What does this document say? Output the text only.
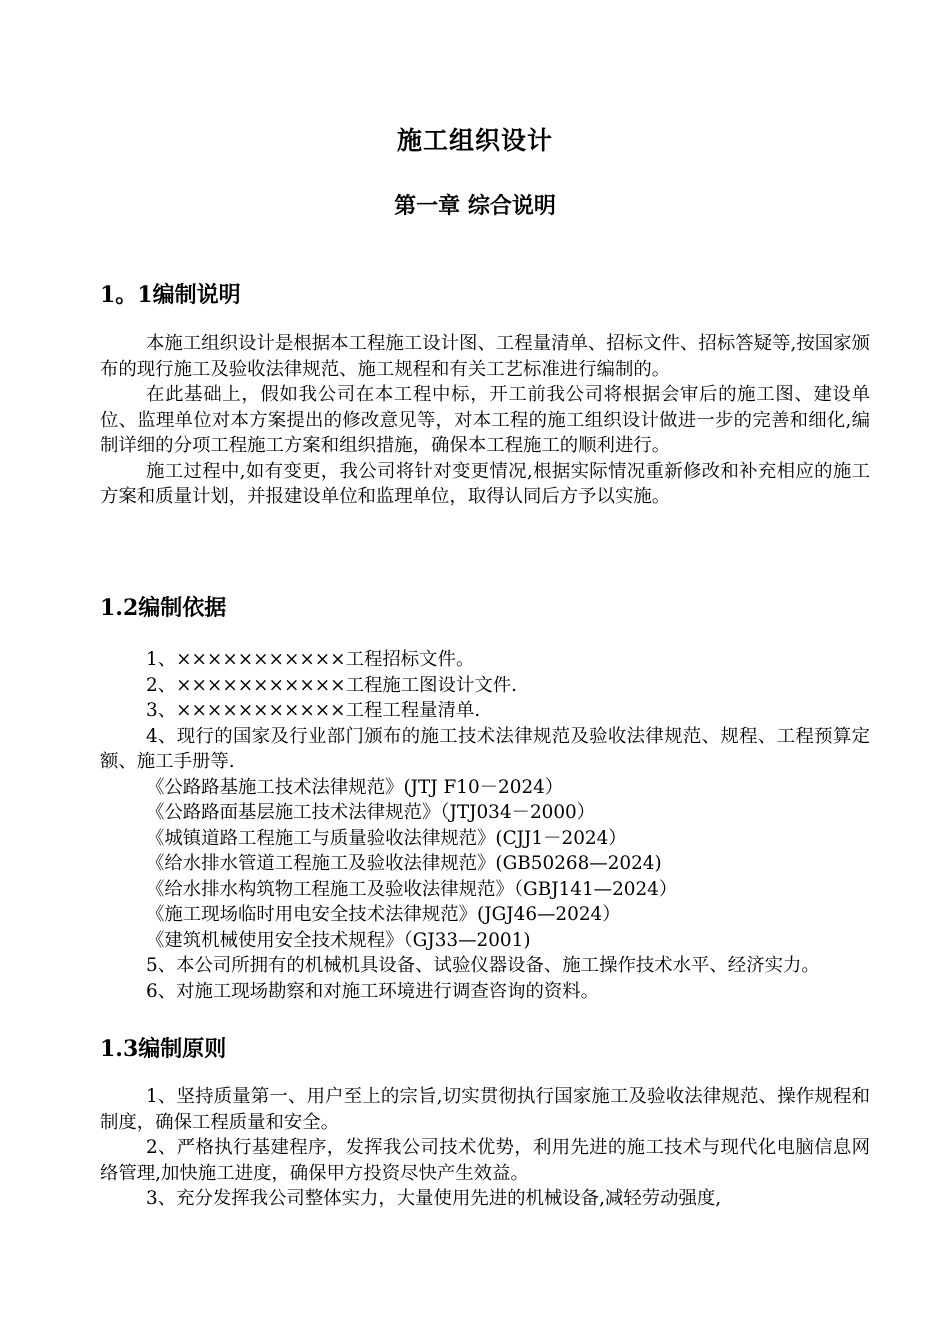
施工组织设计
第一章 综合说明
1。1编制说明

本施工组织设计是根据本工程施工设计图、工程量清单、招标文件、招标答疑等,按国家颁布的现行施工及验收法律规范、施工规程和有关工艺标准进行编制的。

在此基础上，假如我公司在本工程中标，开工前我公司将根据会审后的施工图、建设单位、监理单位对本方案提出的修改意见等，对本工程的施工组织设计做进一步的完善和细化,编制详细的分项工程施工方案和组织措施，确保本工程施工的顺利进行。

施工过程中,如有变更，我公司将针对变更情况,根据实际情况重新修改和补充相应的施工方案和质量计划，并报建设单位和监理单位，取得认同后方予以实施。

1.2编制依据

1、×××××××××××工程招标文件。

2、×××××××××××工程施工图设计文件.

3、×××××××××××工程工程量清单.

4、现行的国家及行业部门颁布的施工技术法律规范及验收法律规范、规程、工程预算定额、施工手册等.

《公路路基施工技术法律规范》(JTJ F10－2024）

《公路路面基层施工技术法律规范》（JTJ034－2000）

《城镇道路工程施工与质量验收法律规范》(CJJ1－2024）

《给水排水管道工程施工及验收法律规范》(GB50268—2024)

《给水排水构筑物工程施工及验收法律规范》（GBJ141—2024）

《施工现场临时用电安全技术法律规范》(JGJ46—2024）

《建筑机械使用安全技术规程》（GJ33—2001)

5、本公司所拥有的机械机具设备、试验仪器设备、施工操作技术水平、经济实力。

6、对施工现场勘察和对施工环境进行调查咨询的资料。

1.3编制原则

1、坚持质量第一、用户至上的宗旨,切实贯彻执行国家施工及验收法律规范、操作规程和制度，确保工程质量和安全。

2、严格执行基建程序，发挥我公司技术优势，利用先进的施工技术与现代化电脑信息网络管理,加快施工进度，确保甲方投资尽快产生效益。

3、充分发挥我公司整体实力，大量使用先进的机械设备,减轻劳动强度,
